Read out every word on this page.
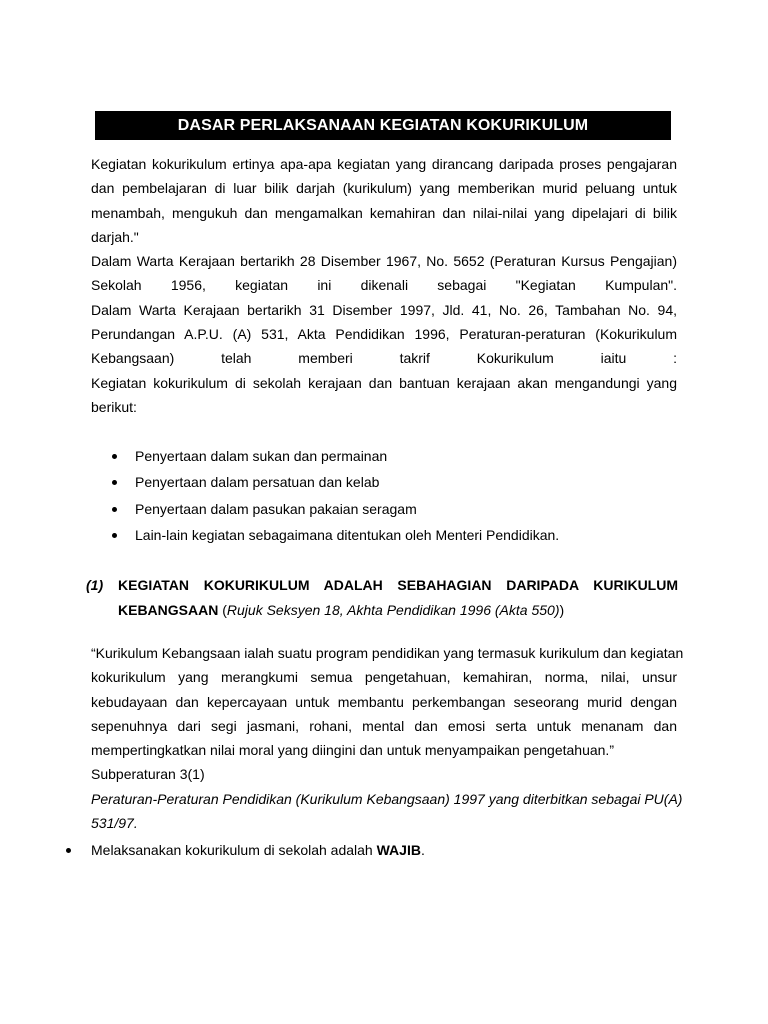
DASAR PERLAKSANAAN KEGIATAN KOKURIKULUM
Kegiatan kokurikulum ertinya apa-apa kegiatan yang dirancang daripada proses pengajaran
dan pembelajaran di luar bilik darjah (kurikulum) yang memberikan murid peluang untuk
menambah, mengukuh dan mengamalkan kemahiran dan nilai-nilai yang dipelajari di bilik
darjah."
Dalam Warta Kerajaan bertarikh 28 Disember 1967, No. 5652 (Peraturan Kursus Pengajian)
Sekolah 1956, kegiatan ini dikenali sebagai "Kegiatan Kumpulan".
Dalam Warta Kerajaan bertarikh 31 Disember 1997, Jld. 41, No. 26, Tambahan No. 94,
Perundangan A.P.U. (A) 531, Akta Pendidikan 1996, Peraturan-peraturan (Kokurikulum
Kebangsaan) telah memberi takrif Kokurikulum iaitu :
Kegiatan kokurikulum di sekolah kerajaan dan bantuan kerajaan akan mengandungi yang
berikut:
Penyertaan dalam sukan dan permainan
Penyertaan dalam persatuan dan kelab
Penyertaan dalam pasukan pakaian seragam
Lain-lain kegiatan sebagaimana ditentukan oleh Menteri Pendidikan.
(1) KEGIATAN KOKURIKULUM ADALAH SEBAHAGIAN DARIPADA KURIKULUM
KEBANGSAAN (Rujuk Seksyen 18, Akhta Pendidikan 1996 (Akta 550))
“Kurikulum Kebangsaan ialah suatu program pendidikan yang termasuk kurikulum dan kegiatan
kokurikulum yang merangkumi semua pengetahuan, kemahiran, norma, nilai, unsur
kebudayaan dan kepercayaan untuk membantu perkembangan seseorang murid dengan
sepenuhnya dari segi jasmani, rohani, mental dan emosi serta untuk menanam dan
mempertingkatkan nilai moral yang diingini dan untuk menyampaikan pengetahuan.”
Subperaturan 3(1)
Peraturan-Peraturan Pendidikan (Kurikulum Kebangsaan) 1997 yang diterbitkan sebagai PU(A)
531/97.
Melaksanakan kokurikulum di sekolah adalah WAJIB.
